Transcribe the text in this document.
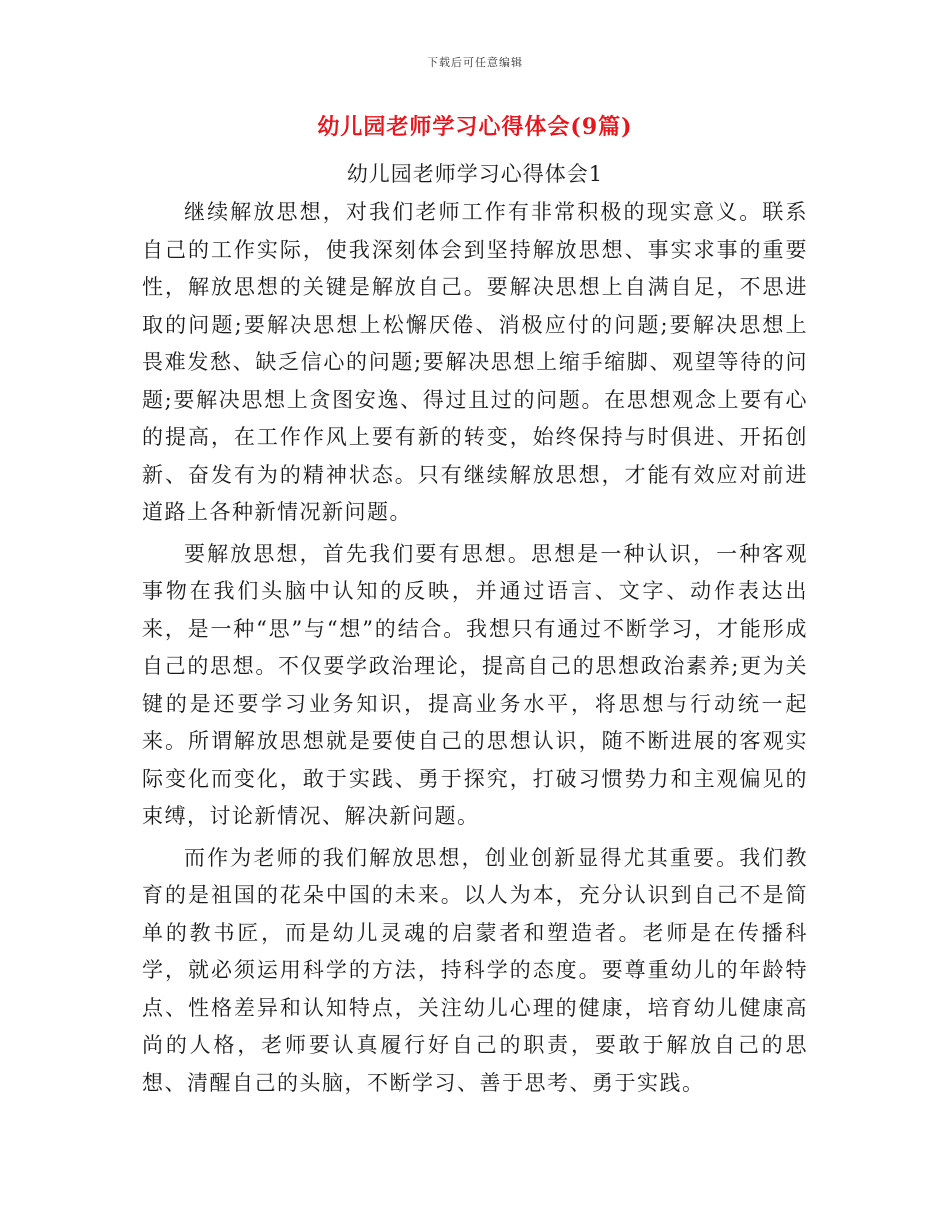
下载后可任意编辑
幼儿园老师学习心得体会(9篇)
幼儿园老师学习心得体会1

继续解放思想，对我们老师工作有非常积极的现实意义。联系自己的工作实际，使我深刻体会到坚持解放思想、事实求事的重要性，解放思想的关键是解放自己。要解决思想上自满自足，不思进取的问题;要解决思想上松懈厌倦、消极应付的问题;要解决思想上畏难发愁、缺乏信心的问题;要解决思想上缩手缩脚、观望等待的问题;要解决思想上贪图安逸、得过且过的问题。在思想观念上要有心的提高，在工作作风上要有新的转变，始终保持与时俱进、开拓创新、奋发有为的精神状态。只有继续解放思想，才能有效应对前进道路上各种新情况新问题。

要解放思想，首先我们要有思想。思想是一种认识，一种客观事物在我们头脑中认知的反映，并通过语言、文字、动作表达出来，是一种“思”与“想”的结合。我想只有通过不断学习，才能形成自己的思想。不仅要学政治理论，提高自己的思想政治素养;更为关键的是还要学习业务知识，提高业务水平，将思想与行动统一起来。所谓解放思想就是要使自己的思想认识，随不断进展的客观实际变化而变化，敢于实践、勇于探究，打破习惯势力和主观偏见的束缚，讨论新情况、解决新问题。

而作为老师的我们解放思想，创业创新显得尤其重要。我们教育的是祖国的花朵中国的未来。以人为本，充分认识到自己不是简单的教书匠，而是幼儿灵魂的启蒙者和塑造者。老师是在传播科学，就必须运用科学的方法，持科学的态度。要尊重幼儿的年龄特点、性格差异和认知特点，关注幼儿心理的健康，培育幼儿健康高尚的人格，老师要认真履行好自己的职责，要敢于解放自己的思想、清醒自己的头脑，不断学习、善于思考、勇于实践。
